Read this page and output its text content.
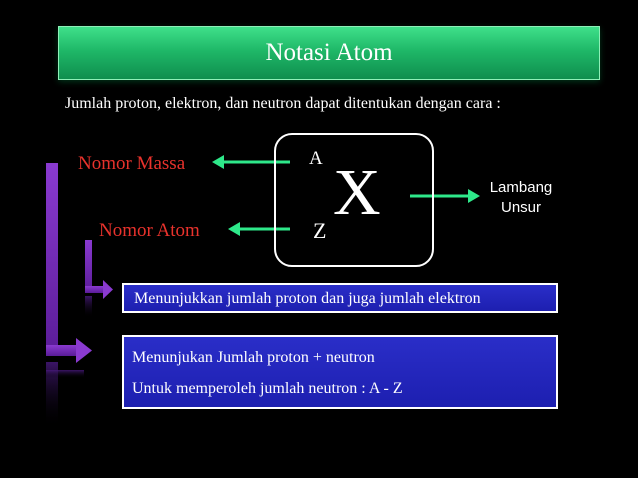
Notasi Atom
Jumlah proton, elektron, dan neutron dapat ditentukan dengan cara :
A
Z
X
Nomor Massa
Nomor Atom
Lambang
Unsur
Menunjukkan jumlah proton dan juga jumlah elektron
Menunjukan Jumlah proton + neutron
Untuk memperoleh jumlah neutron : A - Z
